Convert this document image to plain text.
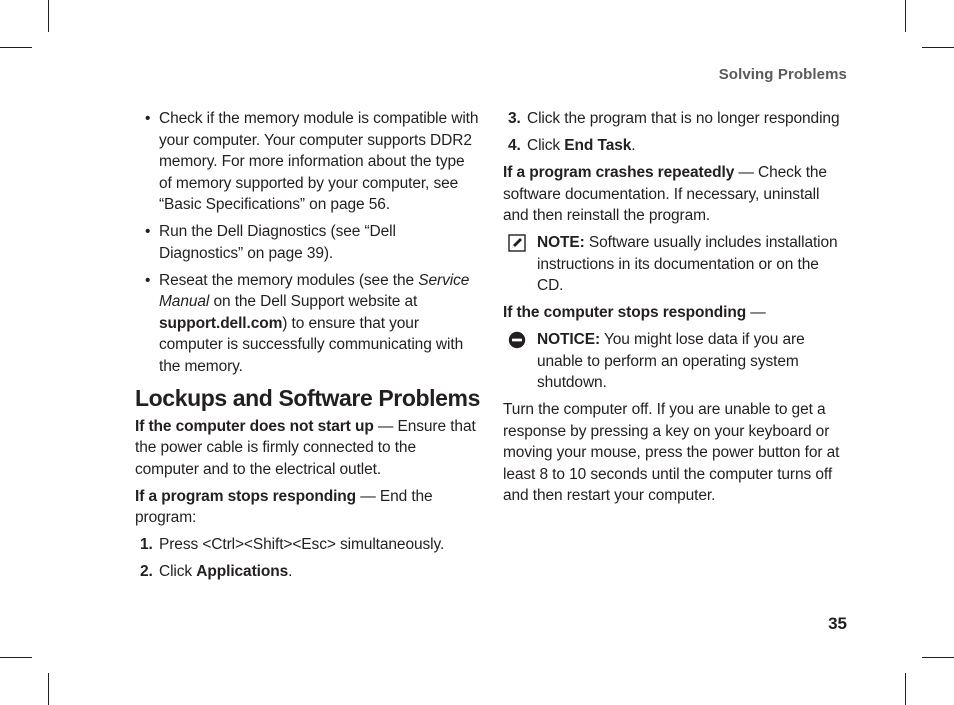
Solving Problems
35
• Check if the memory module is compatible with your computer. Your computer supports DDR2 memory. For more information about the type of memory supported by your computer, see “Basic Specifications” on page 56.
• Run the Dell Diagnostics (see “Dell Diagnostics” on page 39).
• Reseat the memory modules (see the Service Manual on the Dell Support website at support.dell.com) to ensure that your computer is successfully communicating with the memory.
Lockups and Software Problems

If the computer does not start up — Ensure that the power cable is firmly connected to the computer and to the electrical outlet.

If a program stops responding — End the program:

1. Press <Ctrl><Shift><Esc> simultaneously.
2. Click Applications.
3. Click the program that is no longer responding
4. Click End Task.

If a program crashes repeatedly — Check the software documentation. If necessary, uninstall and then reinstall the program.

NOTE: Software usually includes installation instructions in its documentation or on the CD.

If the computer stops responding —

NOTICE: You might lose data if you are unable to perform an operating system shutdown.

Turn the computer off. If you are unable to get a response by pressing a key on your keyboard or moving your mouse, press the power button for at least 8 to 10 seconds until the computer turns off and then restart your computer.
